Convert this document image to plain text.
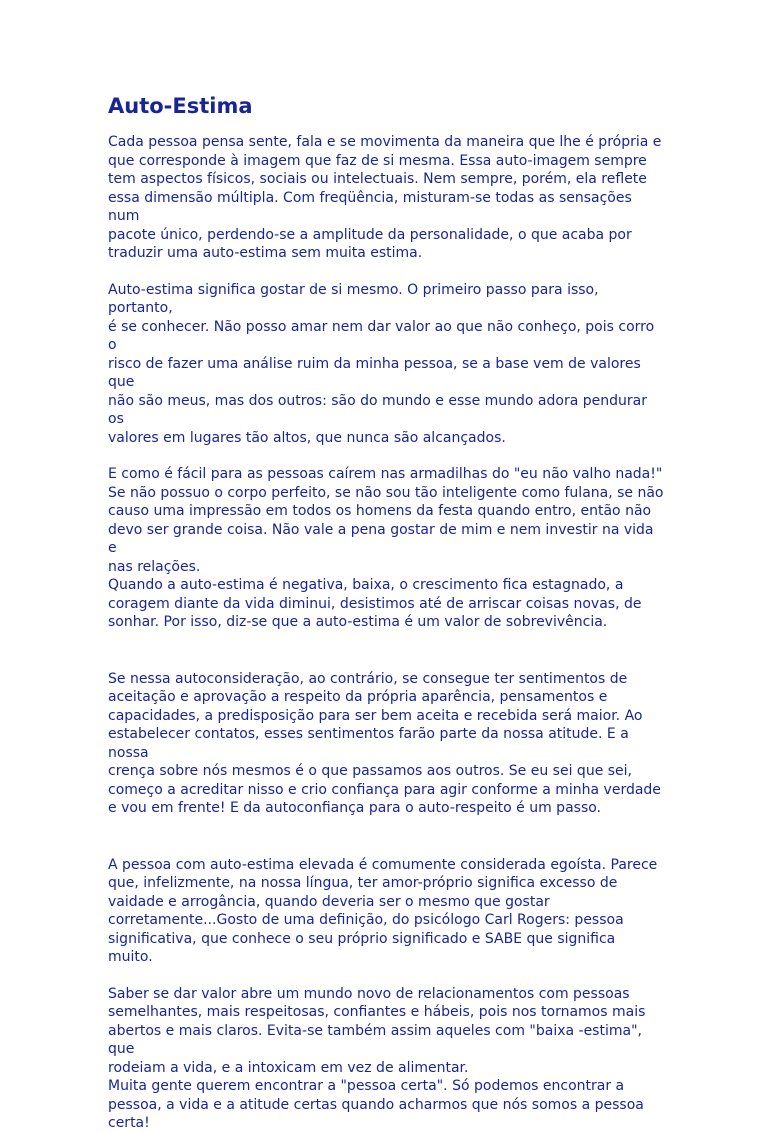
Auto-Estima

Cada pessoa pensa sente, fala e se movimenta da maneira que lhe é própria e
que corresponde à imagem que faz de si mesma. Essa auto-imagem sempre
tem aspectos físicos, sociais ou intelectuais. Nem sempre, porém, ela reflete
essa dimensão múltipla. Com freqüência, misturam-se todas as sensações num
pacote único, perdendo-se a amplitude da personalidade, o que acaba por
traduzir uma auto-estima sem muita estima.

Auto-estima significa gostar de si mesmo. O primeiro passo para isso, portanto,
é se conhecer. Não posso amar nem dar valor ao que não conheço, pois corro o
risco de fazer uma análise ruim da minha pessoa, se a base vem de valores que
não são meus, mas dos outros: são do mundo e esse mundo adora pendurar os
valores em lugares tão altos, que nunca são alcançados.

E como é fácil para as pessoas caírem nas armadilhas do "eu não valho nada!"
Se não possuo o corpo perfeito, se não sou tão inteligente como fulana, se não
causo uma impressão em todos os homens da festa quando entro, então não
devo ser grande coisa. Não vale a pena gostar de mim e nem investir na vida e
nas relações.
Quando a auto-estima é negativa, baixa, o crescimento fica estagnado, a
coragem diante da vida diminui, desistimos até de arriscar coisas novas, de
sonhar. Por isso, diz-se que a auto-estima é um valor de sobrevivência.

Se nessa autoconsideração, ao contrário, se consegue ter sentimentos de
aceitação e aprovação a respeito da própria aparência, pensamentos e
capacidades, a predisposição para ser bem aceita e recebida será maior. Ao
estabelecer contatos, esses sentimentos farão parte da nossa atitude. E a nossa
crença sobre nós mesmos é o que passamos aos outros. Se eu sei que sei,
começo a acreditar nisso e crio confiança para agir conforme a minha verdade
e vou em frente! E da autoconfiança para o auto-respeito é um passo.

A pessoa com auto-estima elevada é comumente considerada egoísta. Parece
que, infelizmente, na nossa língua, ter amor-próprio significa excesso de
vaidade e arrogância, quando deveria ser o mesmo que gostar
corretamente...Gosto de uma definição, do psicólogo Carl Rogers: pessoa
significativa, que conhece o seu próprio significado e SABE que significa muito.

Saber se dar valor abre um mundo novo de relacionamentos com pessoas
semelhantes, mais respeitosas, confiantes e hábeis, pois nos tornamos mais
abertos e mais claros. Evita-se também assim aqueles com "baixa -estima", que
rodeiam a vida, e a intoxicam em vez de alimentar.
Muita gente querem encontrar a "pessoa certa". Só podemos encontrar a
pessoa, a vida e a atitude certas quando acharmos que nós somos a pessoa
certa!
